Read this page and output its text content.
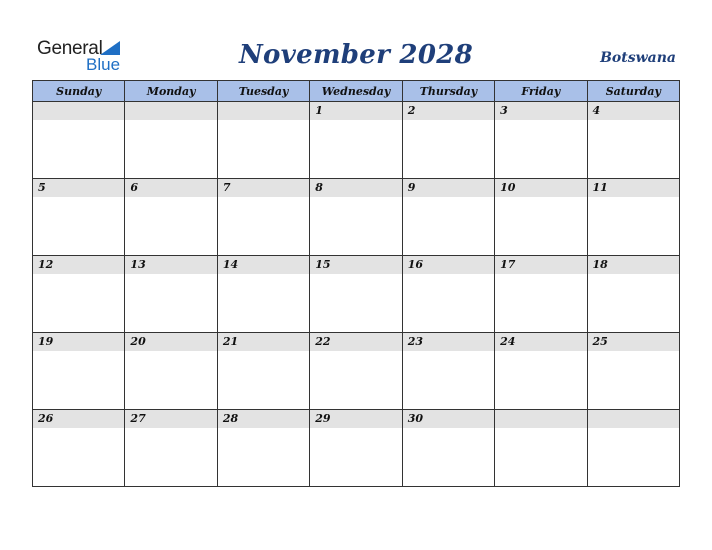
General
Blue	November 2028	Botswana
Sunday	Monday	Tuesday	Wednesday	Thursday	Friday	Saturday

			1	2	3	4

5	6	7	8	9	10	11

12	13	14	15	16	17	18

19	20	21	22	23	24	25

26	27	28	29	30		
